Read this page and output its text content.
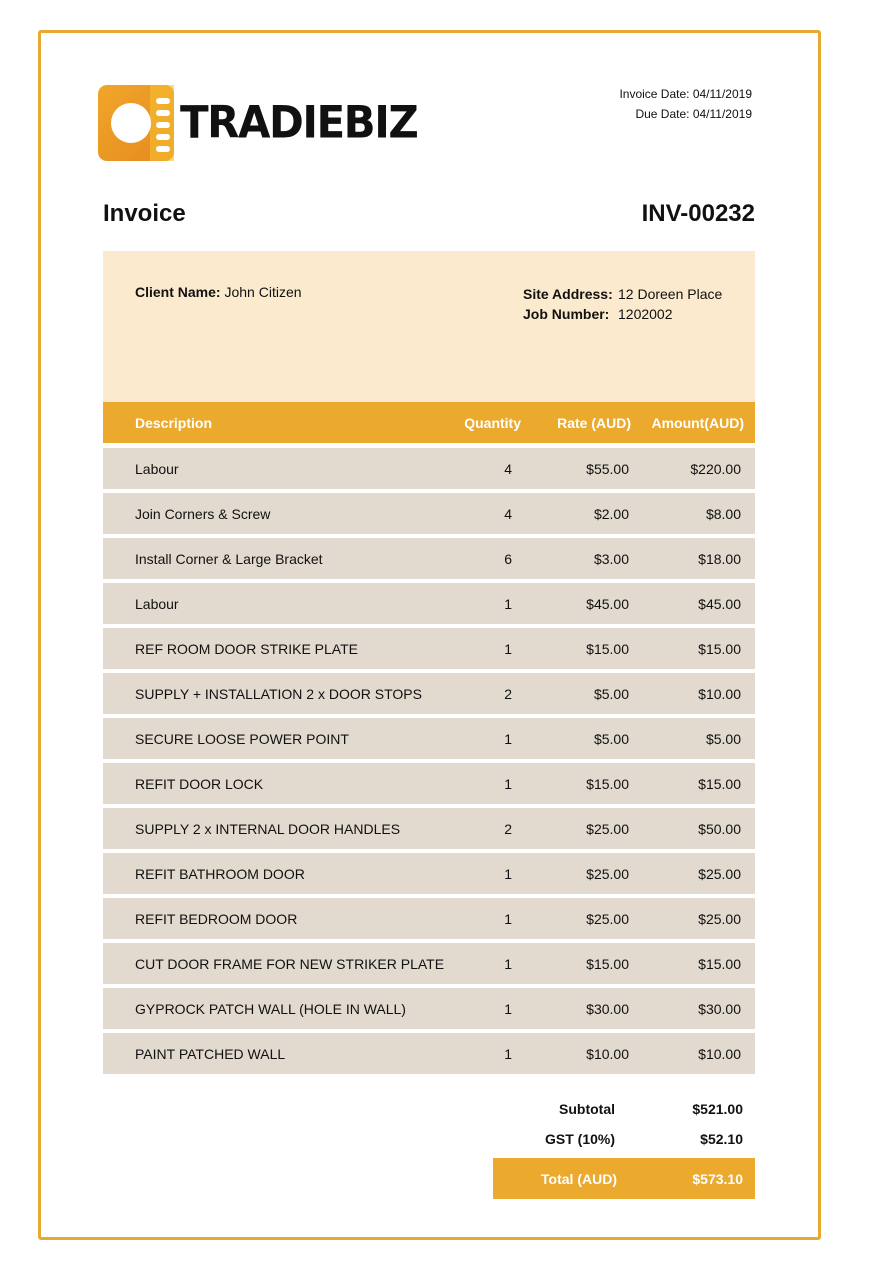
TRADIEBIZ
Invoice Date: 04/11/2019
Due Date: 04/11/2019
Invoice	INV-00232
Client Name: John Citizen	Site Address: 12 Doreen Place
Job Number: 1202002
Description	Quantity	Rate (AUD)	Amount(AUD)
Labour	4	$55.00	$220.00
Join Corners & Screw	4	$2.00	$8.00
Install Corner & Large Bracket	6	$3.00	$18.00
Labour	1	$45.00	$45.00
REF ROOM DOOR STRIKE PLATE	1	$15.00	$15.00
SUPPLY + INSTALLATION 2 x DOOR STOPS	2	$5.00	$10.00
SECURE LOOSE POWER POINT	1	$5.00	$5.00
REFIT DOOR LOCK	1	$15.00	$15.00
SUPPLY 2 x INTERNAL DOOR HANDLES	2	$25.00	$50.00
REFIT BATHROOM DOOR	1	$25.00	$25.00
REFIT BEDROOM DOOR	1	$25.00	$25.00
CUT DOOR FRAME FOR NEW STRIKER PLATE	1	$15.00	$15.00
GYPROCK PATCH WALL (HOLE IN WALL)	1	$30.00	$30.00
PAINT PATCHED WALL	1	$10.00	$10.00
Subtotal	$521.00
GST (10%)	$52.10
Total (AUD)	$573.10
